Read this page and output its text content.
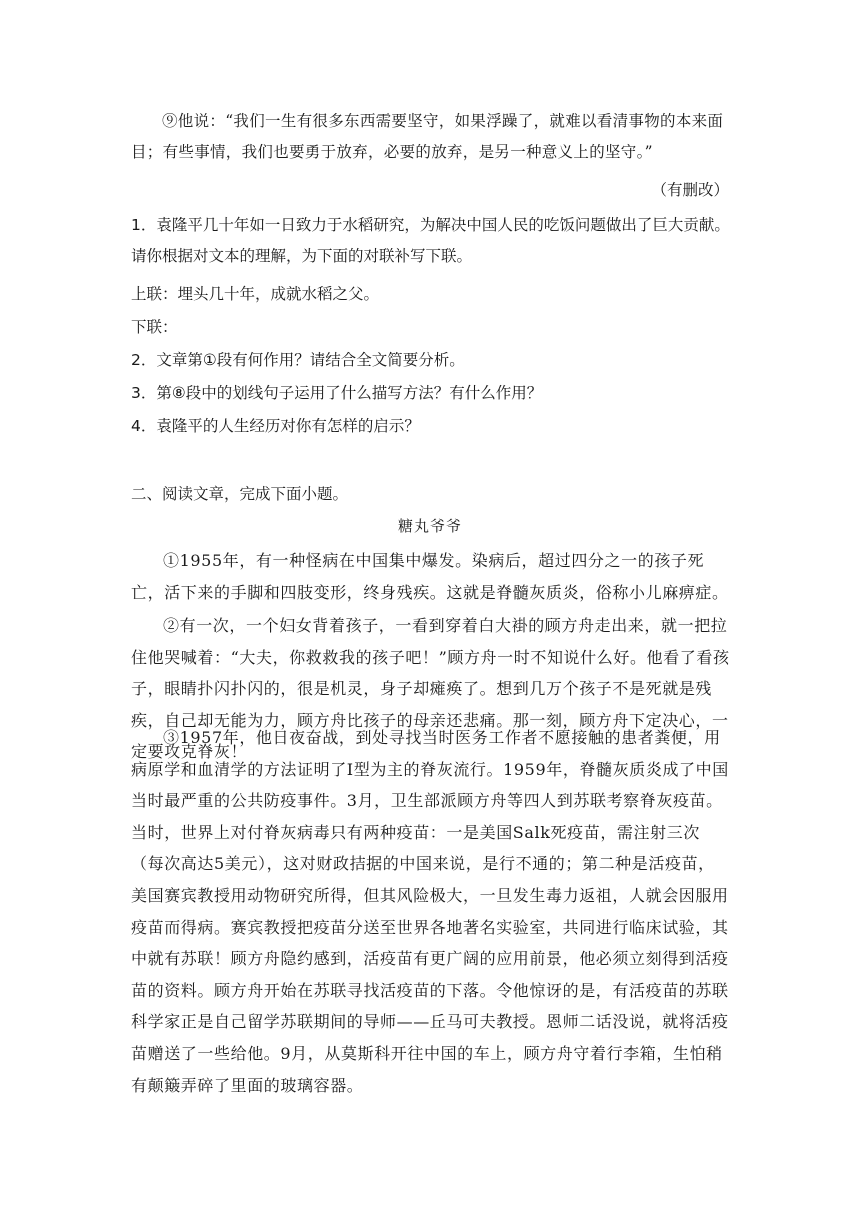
⑨他说：“我们一生有很多东西需要坚守，如果浮躁了，就难以看清事物的本来面目；有些事情，我们也要勇于放弃，必要的放弃，是另一种意义上的坚守。”
（有删改）
1．袁隆平几十年如一日致力于水稻研究，为解决中国人民的吃饭问题做出了巨大贡献。请你根据对文本的理解，为下面的对联补写下联。
上联：埋头几十年，成就水稻之父。
下联：
2．文章第①段有何作用？请结合全文简要分析。
3．第⑧段中的划线句子运用了什么描写方法？有什么作用？
4．袁隆平的人生经历对你有怎样的启示？
二、阅读文章，完成下面小题。
糖丸爷爷
①1955年，有一种怪病在中国集中爆发。染病后，超过四分之一的孩子死亡，活下来的手脚和四肢变形，终身残疾。这就是脊髓灰质炎，俗称小儿麻痹症。
②有一次，一个妇女背着孩子，一看到穿着白大褂的顾方舟走出来，就一把拉住他哭喊着：“大夫，你救救我的孩子吧！”顾方舟一时不知说什么好。他看了看孩子，眼睛扑闪扑闪的，很是机灵，身子却瘫痪了。想到几万个孩子不是死就是残疾，自己却无能为力，顾方舟比孩子的母亲还悲痛。那一刻，顾方舟下定决心，一定要攻克脊灰！
③1957年，他日夜奋战，到处寻找当时医务工作者不愿接触的患者粪便，用病原学和血清学的方法证明了Ⅰ型为主的脊灰流行。1959年，脊髓灰质炎成了中国当时最严重的公共防疫事件。3月，卫生部派顾方舟等四人到苏联考察脊灰疫苗。当时，世界上对付脊灰病毒只有两种疫苗：一是美国Salk死疫苗，需注射三次（每次高达5美元），这对财政拮据的中国来说，是行不通的；第二种是活疫苗，美国赛宾教授用动物研究所得，但其风险极大，一旦发生毒力返祖，人就会因服用疫苗而得病。赛宾教授把疫苗分送至世界各地著名实验室，共同进行临床试验，其中就有苏联！顾方舟隐约感到，活疫苗有更广阔的应用前景，他必须立刻得到活疫苗的资料。顾方舟开始在苏联寻找活疫苗的下落。令他惊讶的是，有活疫苗的苏联科学家正是自己留学苏联期间的导师——丘马可夫教授。恩师二话没说，就将活疫苗赠送了一些给他。9月，从莫斯科开往中国的车上，顾方舟守着行李箱，生怕稍有颠簸弄碎了里面的玻璃容器。
